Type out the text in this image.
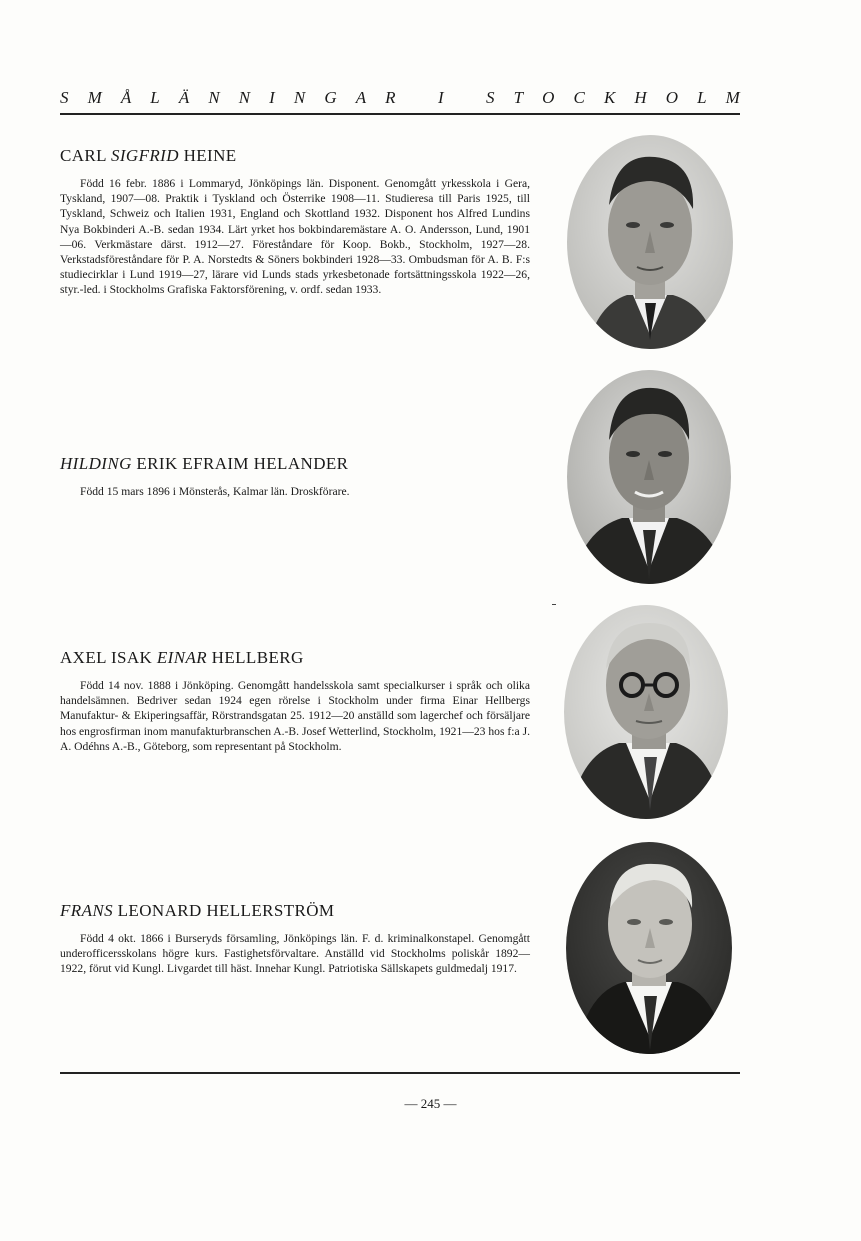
S M Å L Ä N N I N G A R
I
S T O C K H O L M
CARL SIGFRID HEINE
Född 16 febr. 1886 i Lommaryd, Jönköpings län. Disponent. Genomgått yrkesskola i Gera, Tyskland, 1907—08. Praktik i Tyskland och Österrike 1908—11. Studieresa till Paris 1925, till Tyskland, Schweiz och Italien 1931, England och Skottland 1932. Disponent hos Alfred Lundins Nya Bokbinderi A.-B. sedan 1934. Lärt yrket hos bokbindaremästare A. O. Andersson, Lund, 1901—06. Verkmästare därst. 1912—27. Föreståndare för Koop. Bokb., Stockholm, 1927—28. Verkstadsföreståndare för P. A. Norstedts & Söners bokbinderi 1928—33. Ombudsman för A. B. F:s studiecirklar i Lund 1919—27, lärare vid Lunds stads yrkesbetonade fortsättningsskola 1922—26, styr.-led. i Stockholms Grafiska Faktorsförening, v. ordf. sedan 1933.
HILDING ERIK EFRAIM HELANDER
Född 15 mars 1896 i Mönsterås, Kalmar län. Droskförare.
AXEL ISAK EINAR HELLBERG
Född 14 nov. 1888 i Jönköping. Genomgått handelsskola samt specialkurser i språk och olika handelsämnen. Bedriver sedan 1924 egen rörelse i Stockholm under firma Einar Hellbergs Manufaktur- & Ekiperingsaffär, Rörstrandsgatan 25. 1912—20 anställd som lagerchef och försäljare hos engrosfirman inom manufakturbranschen A.-B. Josef Wetterlind, Stockholm, 1921—23 hos f:a J. A. Odéhns A.-B., Göteborg, som representant på Stockholm.
FRANS LEONARD HELLERSTRÖM
Född 4 okt. 1866 i Burseryds församling, Jönköpings län. F. d. kriminalkonstapel. Genomgått underofficersskolans högre kurs. Fastighetsförvaltare. Anställd vid Stockholms poliskår 1892—1922, förut vid Kungl. Livgardet till häst. Innehar Kungl. Patriotiska Sällskapets guldmedalj 1917.
— 245 —
